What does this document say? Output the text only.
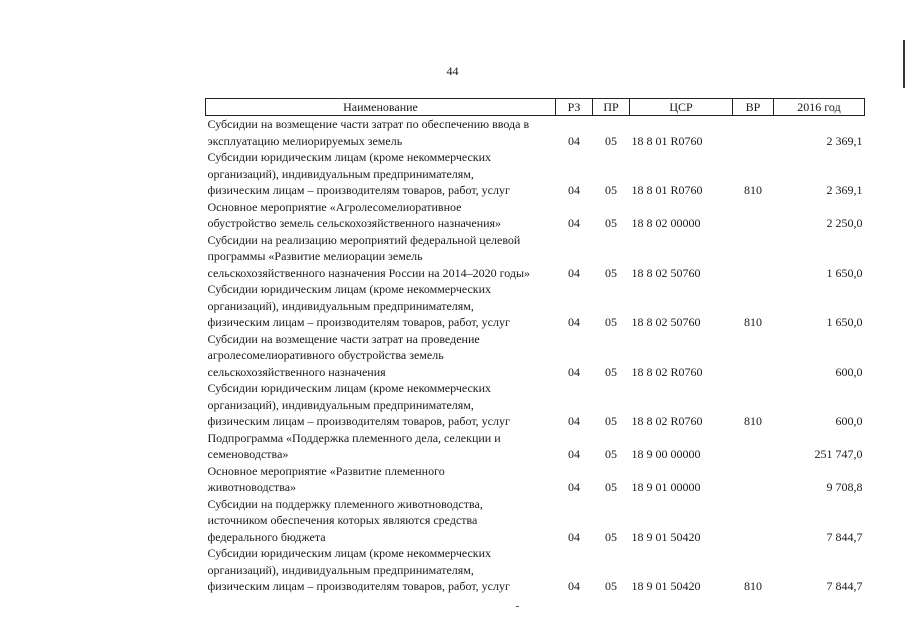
44
Наименование	РЗ	ПР	ЦСР	ВР	2016 год

Субсидии на возмещение части затрат по обеспечению ввода в
эксплуатацию мелиорируемых земель	04	05	18 8 01 R0760		2 369,1

Субсидии юридическим лицам (кроме некоммерческих
организаций), индивидуальным предпринимателям,
физическим лицам – производителям товаров, работ, услуг	04	05	18 8 01 R0760	810	2 369,1

Основное мероприятие «Агролесомелиоративное
обустройство земель сельскохозяйственного назначения»	04	05	18 8 02 00000		2 250,0

Субсидии на реализацию мероприятий федеральной целевой
программы «Развитие мелиорации земель
сельскохозяйственного назначения России на 2014–2020 годы»	04	05	18 8 02 50760		1 650,0

Субсидии юридическим лицам (кроме некоммерческих
организаций), индивидуальным предпринимателям,
физическим лицам – производителям товаров, работ, услуг	04	05	18 8 02 50760	810	1 650,0

Субсидии на возмещение части затрат на проведение
агролесомелиоративного обустройства земель
сельскохозяйственного назначения	04	05	18 8 02 R0760		600,0

Субсидии юридическим лицам (кроме некоммерческих
организаций), индивидуальным предпринимателям,
физическим лицам – производителям товаров, работ, услуг	04	05	18 8 02 R0760	810	600,0

Подпрограмма «Поддержка племенного дела, селекции и
семеноводства»	04	05	18 9 00 00000		251 747,0

Основное мероприятие «Развитие племенного
животноводства»	04	05	18 9 01 00000		9 708,8

Субсидии на поддержку племенного животноводства,
источником обеспечения которых являются средства
федерального бюджета	04	05	18 9 01 50420		7 844,7

Субсидии юридическим лицам (кроме некоммерческих
организаций), индивидуальным предпринимателям,
физическим лицам – производителям товаров, работ, услуг	04	05	18 9 01 50420	810	7 844,7
